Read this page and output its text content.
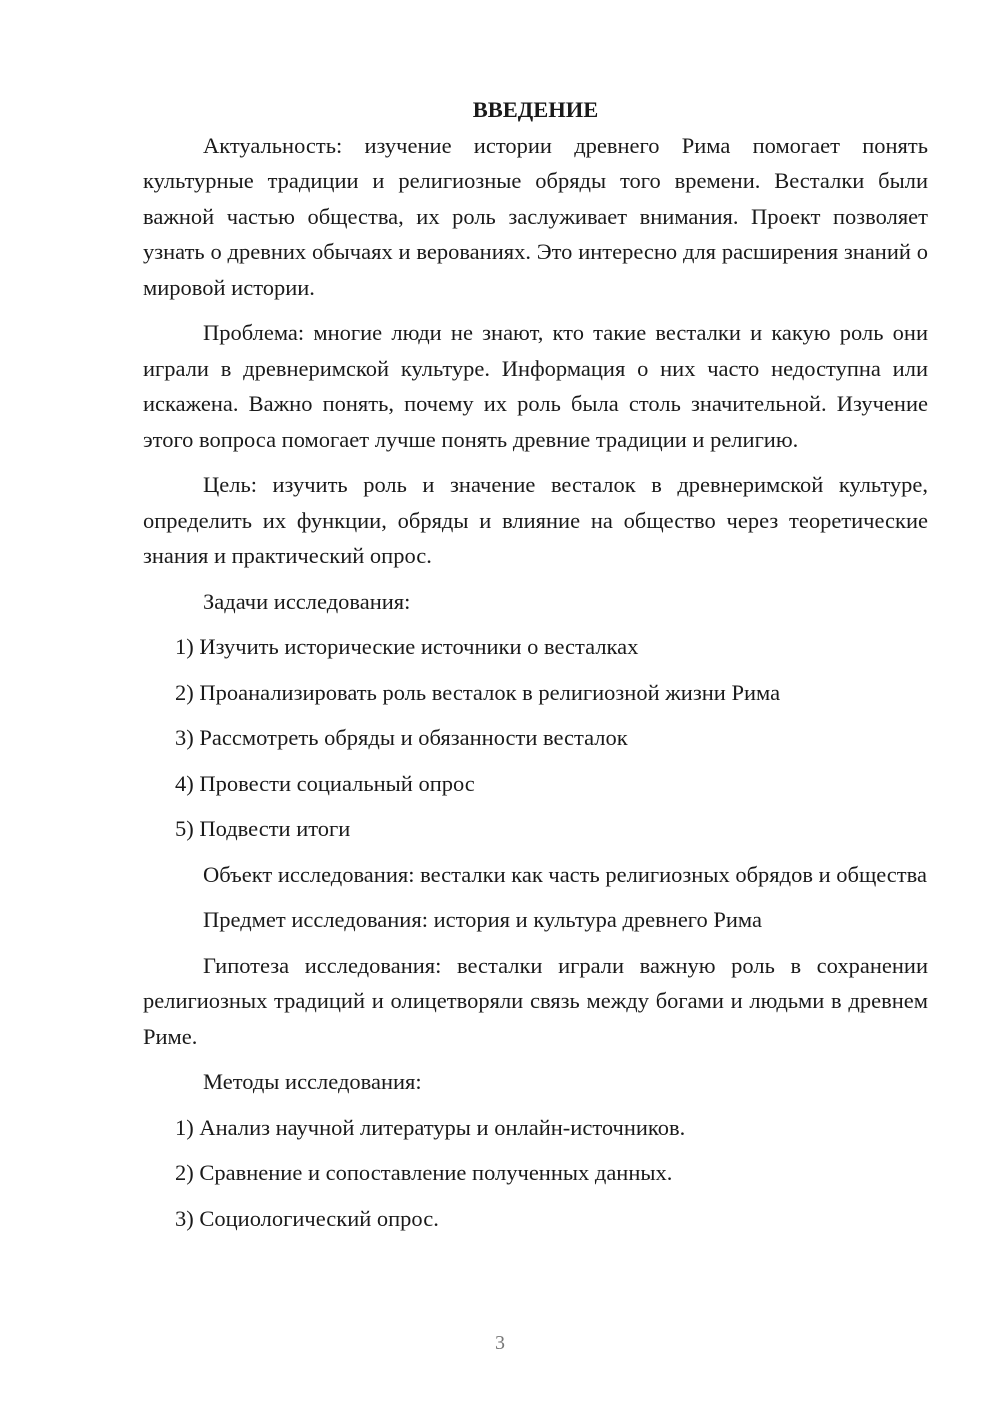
ВВЕДЕНИЕ

Актуальность: изучение истории древнего Рима помогает понять культурные традиции и религиозные обряды того времени. Весталки были важной частью общества, их роль заслуживает внимания. Проект позволяет узнать о древних обычаях и верованиях. Это интересно для расширения знаний о мировой истории.

Проблема: многие люди не знают, кто такие весталки и какую роль они играли в древнеримской культуре. Информация о них часто недоступна или искажена. Важно понять, почему их роль была столь значительной. Изучение этого вопроса помогает лучше понять древние традиции и религию.

Цель: изучить роль и значение весталок в древнеримской культуре, определить их функции, обряды и влияние на общество через теоретические знания и практический опрос.

Задачи исследования:

1) Изучить исторические источники о весталках
2) Проанализировать роль весталок в религиозной жизни Рима
3) Рассмотреть обряды и обязанности весталок
4) Провести социальный опрос
5) Подвести итоги

Объект исследования: весталки как часть религиозных обрядов и общества

Предмет исследования: история и культура древнего Рима

Гипотеза исследования: весталки играли важную роль в сохранении религиозных традиций и олицетворяли связь между богами и людьми в древнем Риме.

Методы исследования:

1) Анализ научной литературы и онлайн-источников.
2) Сравнение и сопоставление полученных данных.
3) Социологический опрос.
3
